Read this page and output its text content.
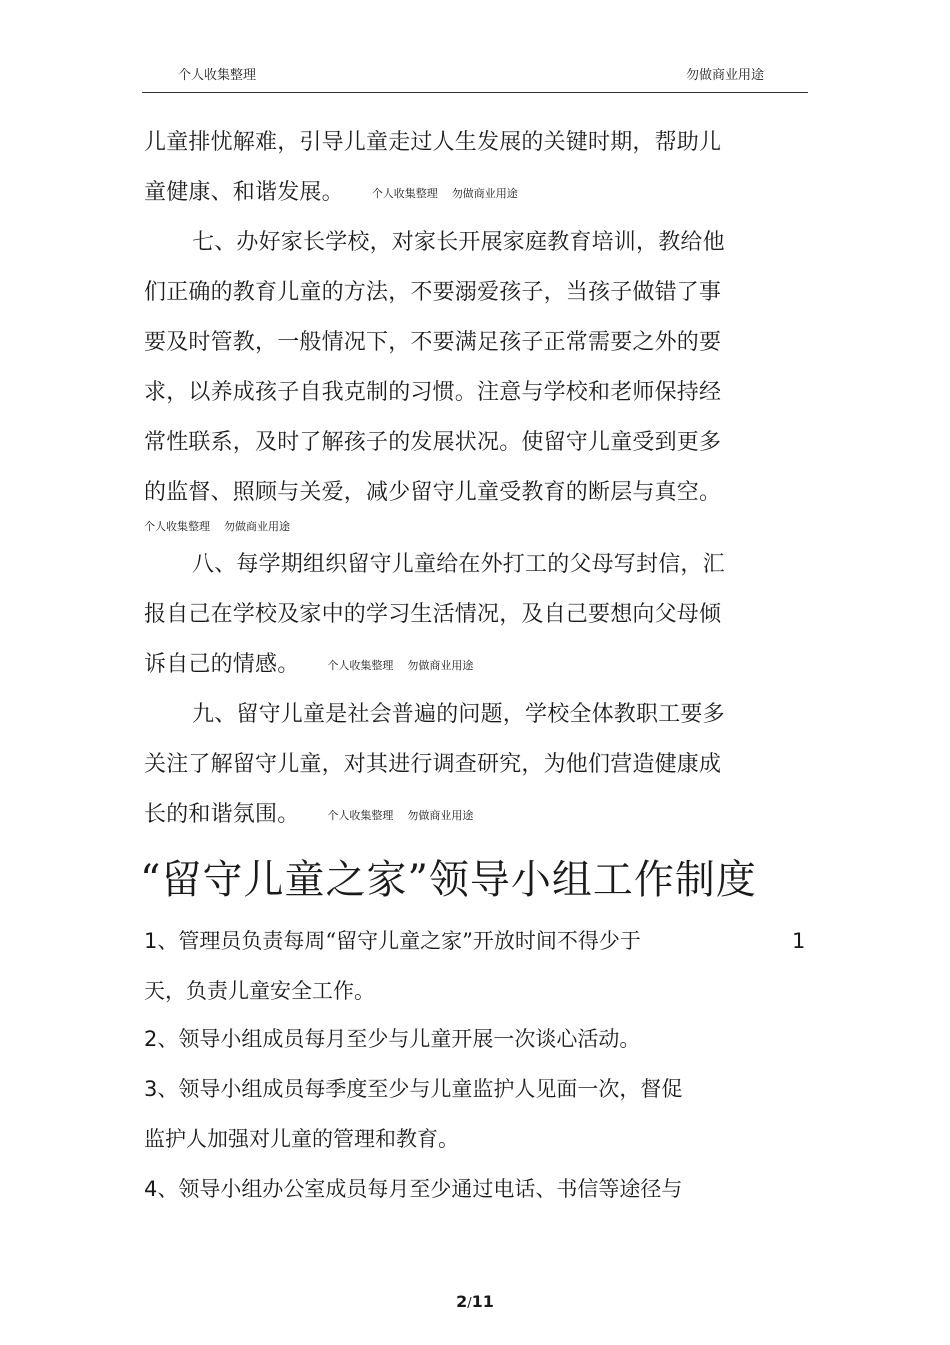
个人收集整理	勿做商业用途
儿童排忧解难，引导儿童走过人生发展的关键时期，帮助儿
童健康、和谐发展。	个人收集整理 勿做商业用途
七、办好家长学校，对家长开展家庭教育培训，教给他
们正确的教育儿童的方法，不要溺爱孩子，当孩子做错了事
要及时管教，一般情况下，不要满足孩子正常需要之外的要
求，以养成孩子自我克制的习惯。注意与学校和老师保持经
常性联系，及时了解孩子的发展状况。使留守儿童受到更多
的监督、照顾与关爱，减少留守儿童受教育的断层与真空。
个人收集整理 勿做商业用途
八、每学期组织留守儿童给在外打工的父母写封信，汇
报自己在学校及家中的学习生活情况，及自己要想向父母倾
诉自己的情感。	个人收集整理 勿做商业用途
九、留守儿童是社会普遍的问题，学校全体教职工要多
关注了解留守儿童，对其进行调查研究，为他们营造健康成
长的和谐氛围。	个人收集整理 勿做商业用途
“留守儿童之家”领导小组工作制度
1、管理员负责每周“留守儿童之家”开放时间不得少于	1
天，负责儿童安全工作。
2、领导小组成员每月至少与儿童开展一次谈心活动。
3、领导小组成员每季度至少与儿童监护人见面一次，督促
监护人加强对儿童的管理和教育。
4、领导小组办公室成员每月至少通过电话、书信等途径与
2/11
